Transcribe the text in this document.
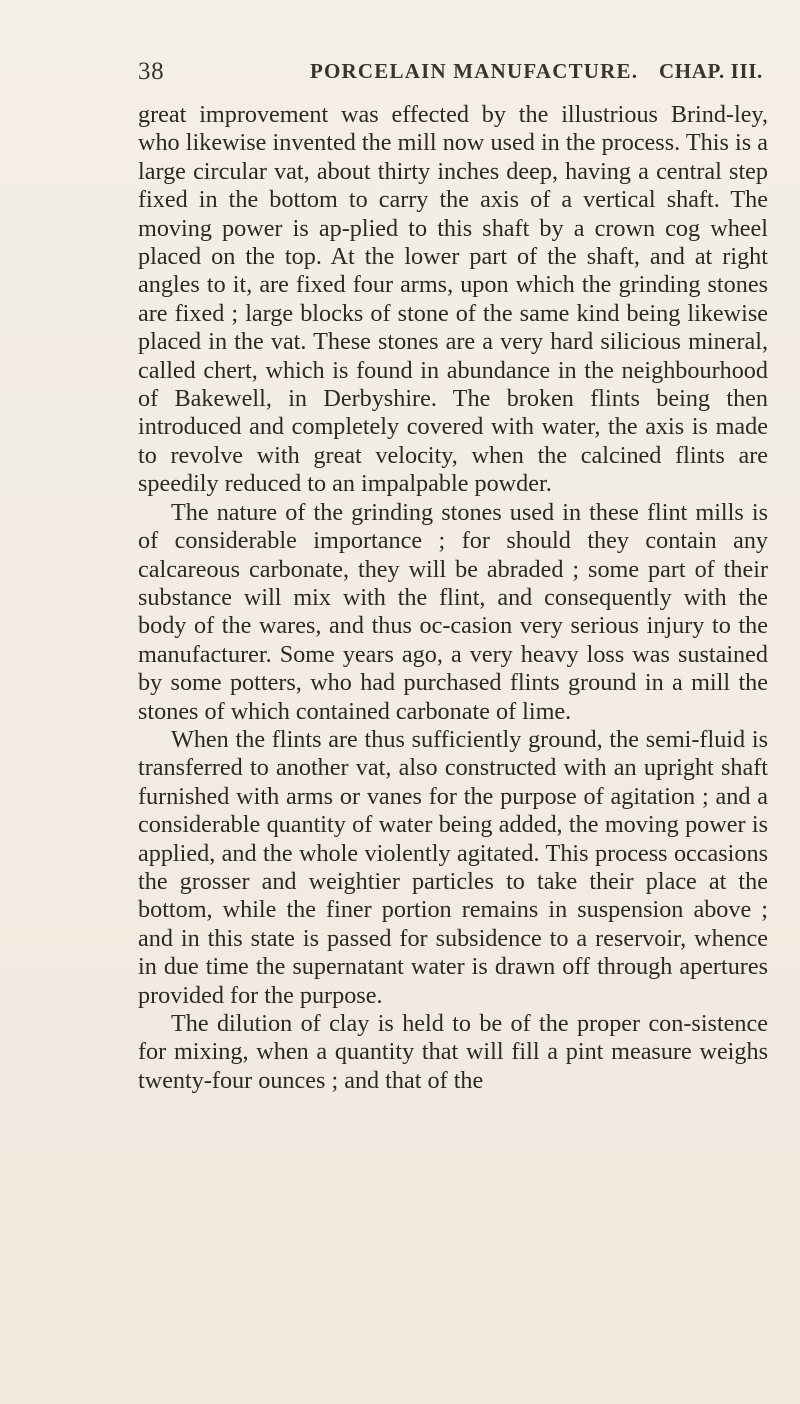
38	PORCELAIN MANUFACTURE. CHAP. III.

great improvement was effected by the illustrious Brind-ley, who likewise invented the mill now used in the process. This is a large circular vat, about thirty inches deep, having a central step fixed in the bottom to carry the axis of a vertical shaft. The moving power is ap-plied to this shaft by a crown cog wheel placed on the top. At the lower part of the shaft, and at right angles to it, are fixed four arms, upon which the grinding stones are fixed ; large blocks of stone of the same kind being likewise placed in the vat. These stones are a very hard silicious mineral, called chert, which is found in abundance in the neighbourhood of Bakewell, in Derbyshire. The broken flints being then introduced and completely covered with water, the axis is made to revolve with great velocity, when the calcined flints are speedily reduced to an impalpable powder.

The nature of the grinding stones used in these flint mills is of considerable importance ; for should they contain any calcareous carbonate, they will be abraded ; some part of their substance will mix with the flint, and consequently with the body of the wares, and thus oc-casion very serious injury to the manufacturer. Some years ago, a very heavy loss was sustained by some potters, who had purchased flints ground in a mill the stones of which contained carbonate of lime.

When the flints are thus sufficiently ground, the semi-fluid is transferred to another vat, also constructed with an upright shaft furnished with arms or vanes for the purpose of agitation ; and a considerable quantity of water being added, the moving power is applied, and the whole violently agitated. This process occasions the grosser and weightier particles to take their place at the bottom, while the finer portion remains in suspension above ; and in this state is passed for subsidence to a reservoir, whence in due time the supernatant water is drawn off through apertures provided for the purpose.

The dilution of clay is held to be of the proper con-sistence for mixing, when a quantity that will fill a pint measure weighs twenty-four ounces ; and that of the
